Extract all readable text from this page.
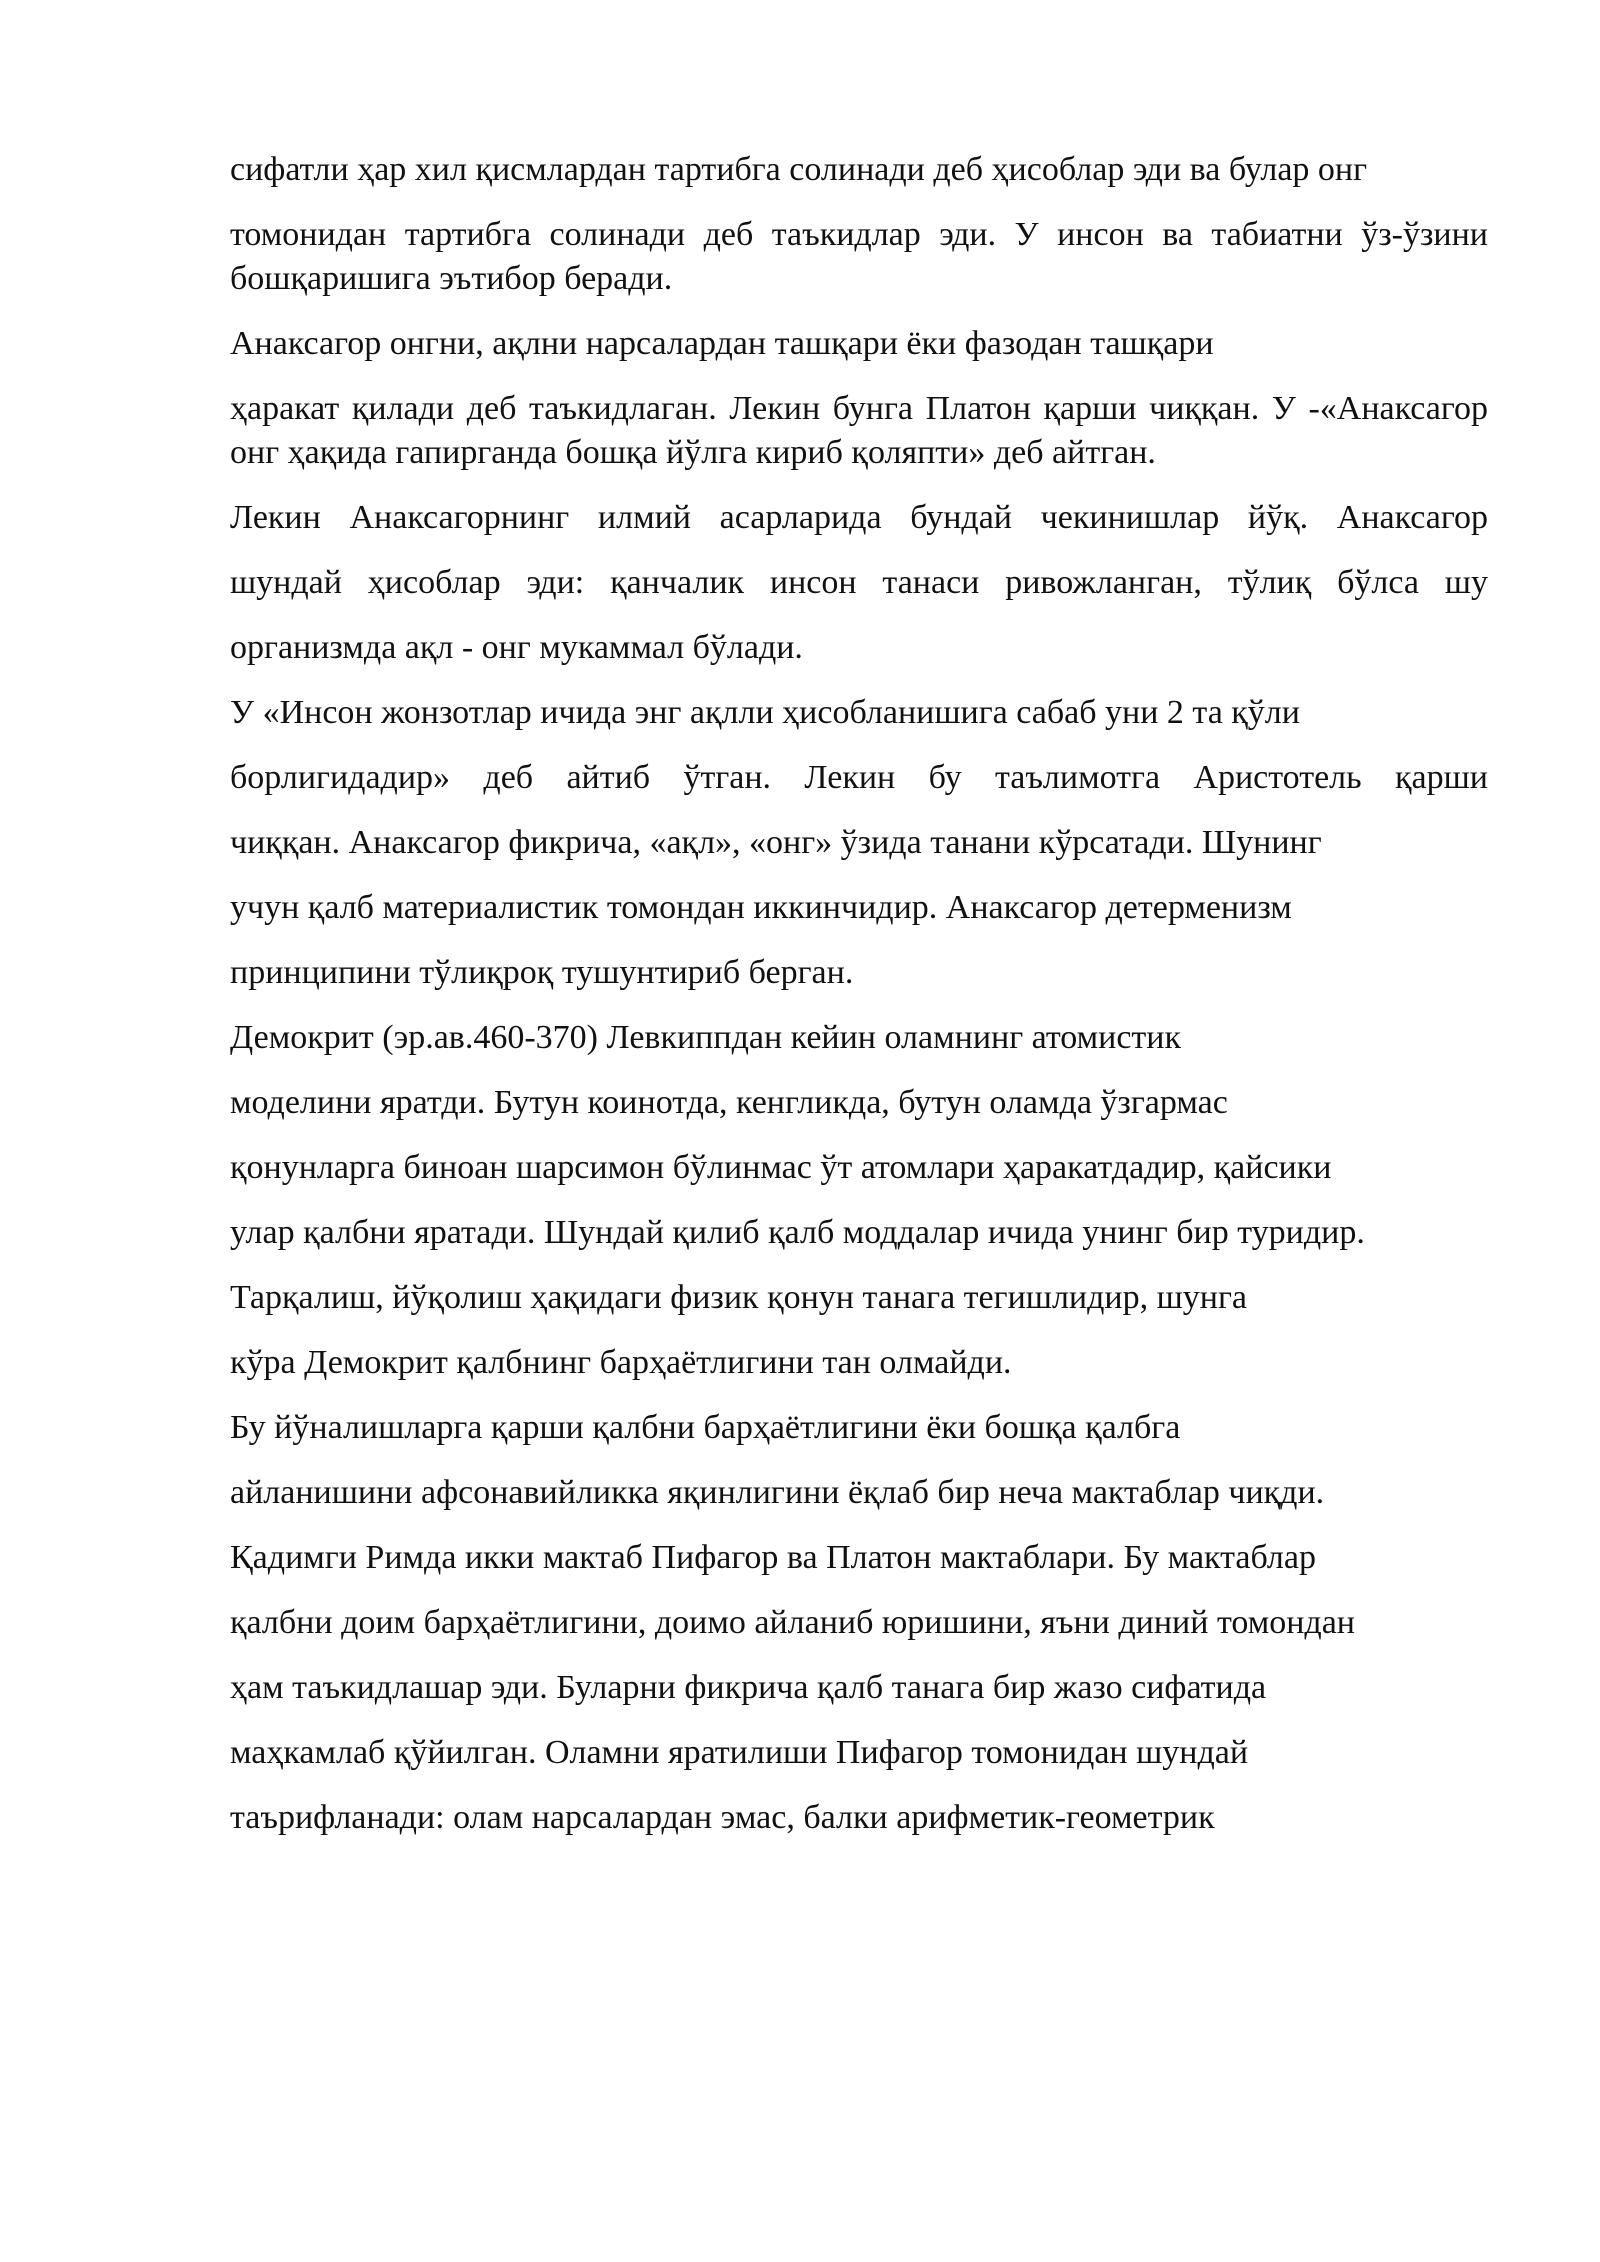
сифатли ҳар хил қисмлардан тартибга солинади деб ҳисоблар эди ва булар онг

томонидан тартибга солинади деб таъкидлар эди. У инсон ва табиатни ўз-ўзини бошқаришига эътибор беради.

Анаксагор онгни, ақлни нарсалардан ташқари ёки фазодан ташқари

ҳаракат қилади деб таъкидлаган. Лекин бунга Платон қарши чиққан. У -«Анаксагор онг ҳақида гапирганда бошқа йўлга кириб қоляпти» деб айтган.

Лекин Анаксагорнинг илмий асарларида бундай чекинишлар йўқ. Анаксагор

шундай ҳисоблар эди: қанчалик инсон танаси ривожланган, тўлиқ бўлса шу

организмда ақл - онг мукаммал бўлади.

У «Инсон жонзотлар ичида энг ақлли ҳисобланишига сабаб уни 2 та қўли

борлигидадир» деб айтиб ўтган. Лекин бу таълимотга Аристотель қарши

чиққан. Анаксагор фикрича, «ақл», «онг» ўзида танани кўрсатади. Шунинг

учун қалб материалистик томондан иккинчидир. Анаксагор детерменизм

принципини тўлиқроқ тушунтириб берган.

Демокрит (эр.ав.460-370) Левкиппдан кейин оламнинг атомистик

моделини яратди. Бутун коинотда, кенгликда, бутун оламда ўзгармас

қонунларга биноан шарсимон бўлинмас ўт атомлари ҳаракатдадир, қайсики

улар қалбни яратади. Шундай қилиб қалб моддалар ичида унинг бир туридир.

Тарқалиш, йўқолиш ҳақидаги физик қонун танага тегишлидир, шунга

кўра Демокрит қалбнинг барҳаётлигини тан олмайди.

Бу йўналишларга қарши қалбни барҳаётлигини ёки бошқа қалбга

айланишини афсонавийликка яқинлигини ёқлаб бир неча мактаблар чиқди.

Қадимги Римда икки мактаб Пифагор ва Платон мактаблари. Бу мактаблар

қалбни доим барҳаётлигини, доимо айланиб юришини, яъни диний томондан

ҳам таъкидлашар эди. Буларни фикрича қалб танага бир жазо сифатида

маҳкамлаб қўйилган. Оламни яратилиши Пифагор томонидан шундай

таърифланади: олам нарсалардан эмас, балки арифметик-геометрик
